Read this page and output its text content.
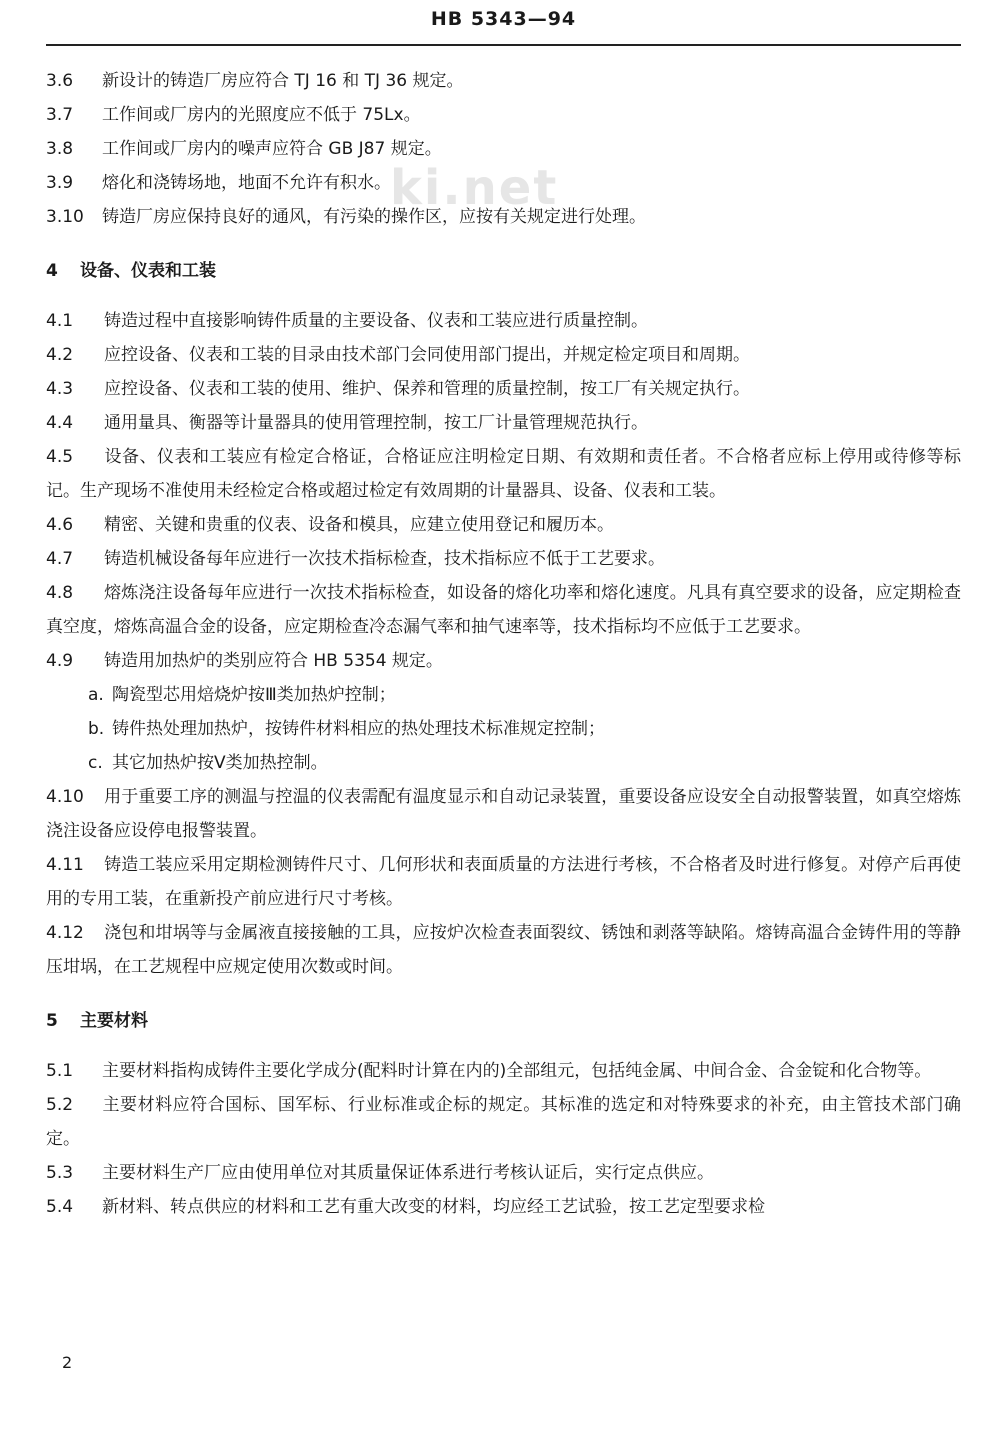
HB 5343—94
ki.net

3.6 新设计的铸造厂房应符合 TJ 16 和 TJ 36 规定。

3.7 工作间或厂房内的光照度应不低于 75Lx。

3.8 工作间或厂房内的噪声应符合 GB J87 规定。

3.9 熔化和浇铸场地，地面不允许有积水。

3.10 铸造厂房应保持良好的通风，有污染的操作区，应按有关规定进行处理。

4 设备、仪表和工装

4.1 铸造过程中直接影响铸件质量的主要设备、仪表和工装应进行质量控制。

4.2 应控设备、仪表和工装的目录由技术部门会同使用部门提出，并规定检定项目和周期。

4.3 应控设备、仪表和工装的使用、维护、保养和管理的质量控制，按工厂有关规定执行。

4.4 通用量具、衡器等计量器具的使用管理控制，按工厂计量管理规范执行。

4.5 设备、仪表和工装应有检定合格证，合格证应注明检定日期、有效期和责任者。不合格者应标上停用或待修等标记。生产现场不准使用未经检定合格或超过检定有效周期的计量器具、设备、仪表和工装。

4.6 精密、关键和贵重的仪表、设备和模具，应建立使用登记和履历本。

4.7 铸造机械设备每年应进行一次技术指标检查，技术指标应不低于工艺要求。

4.8 熔炼浇注设备每年应进行一次技术指标检查，如设备的熔化功率和熔化速度。凡具有真空要求的设备，应定期检查真空度，熔炼高温合金的设备，应定期检查冷态漏气率和抽气速率等，技术指标均不应低于工艺要求。

4.9 铸造用加热炉的类别应符合 HB 5354 规定。

a. 陶瓷型芯用焙烧炉按Ⅲ类加热炉控制；

b. 铸件热处理加热炉，按铸件材料相应的热处理技术标准规定控制；

c. 其它加热炉按Ⅴ类加热控制。

4.10 用于重要工序的测温与控温的仪表需配有温度显示和自动记录装置，重要设备应设安全自动报警装置，如真空熔炼浇注设备应设停电报警装置。

4.11 铸造工装应采用定期检测铸件尺寸、几何形状和表面质量的方法进行考核，不合格者及时进行修复。对停产后再使用的专用工装，在重新投产前应进行尺寸考核。

4.12 浇包和坩埚等与金属液直接接触的工具，应按炉次检查表面裂纹、锈蚀和剥落等缺陷。熔铸高温合金铸件用的等静压坩埚，在工艺规程中应规定使用次数或时间。

5 主要材料

5.1 主要材料指构成铸件主要化学成分(配料时计算在内的)全部组元，包括纯金属、中间合金、合金锭和化合物等。

5.2 主要材料应符合国标、国军标、行业标准或企标的规定。其标准的选定和对特殊要求的补充，由主管技术部门确定。

5.3 主要材料生产厂应由使用单位对其质量保证体系进行考核认证后，实行定点供应。

5.4 新材料、转点供应的材料和工艺有重大改变的材料，均应经工艺试验，按工艺定型要求检

2
